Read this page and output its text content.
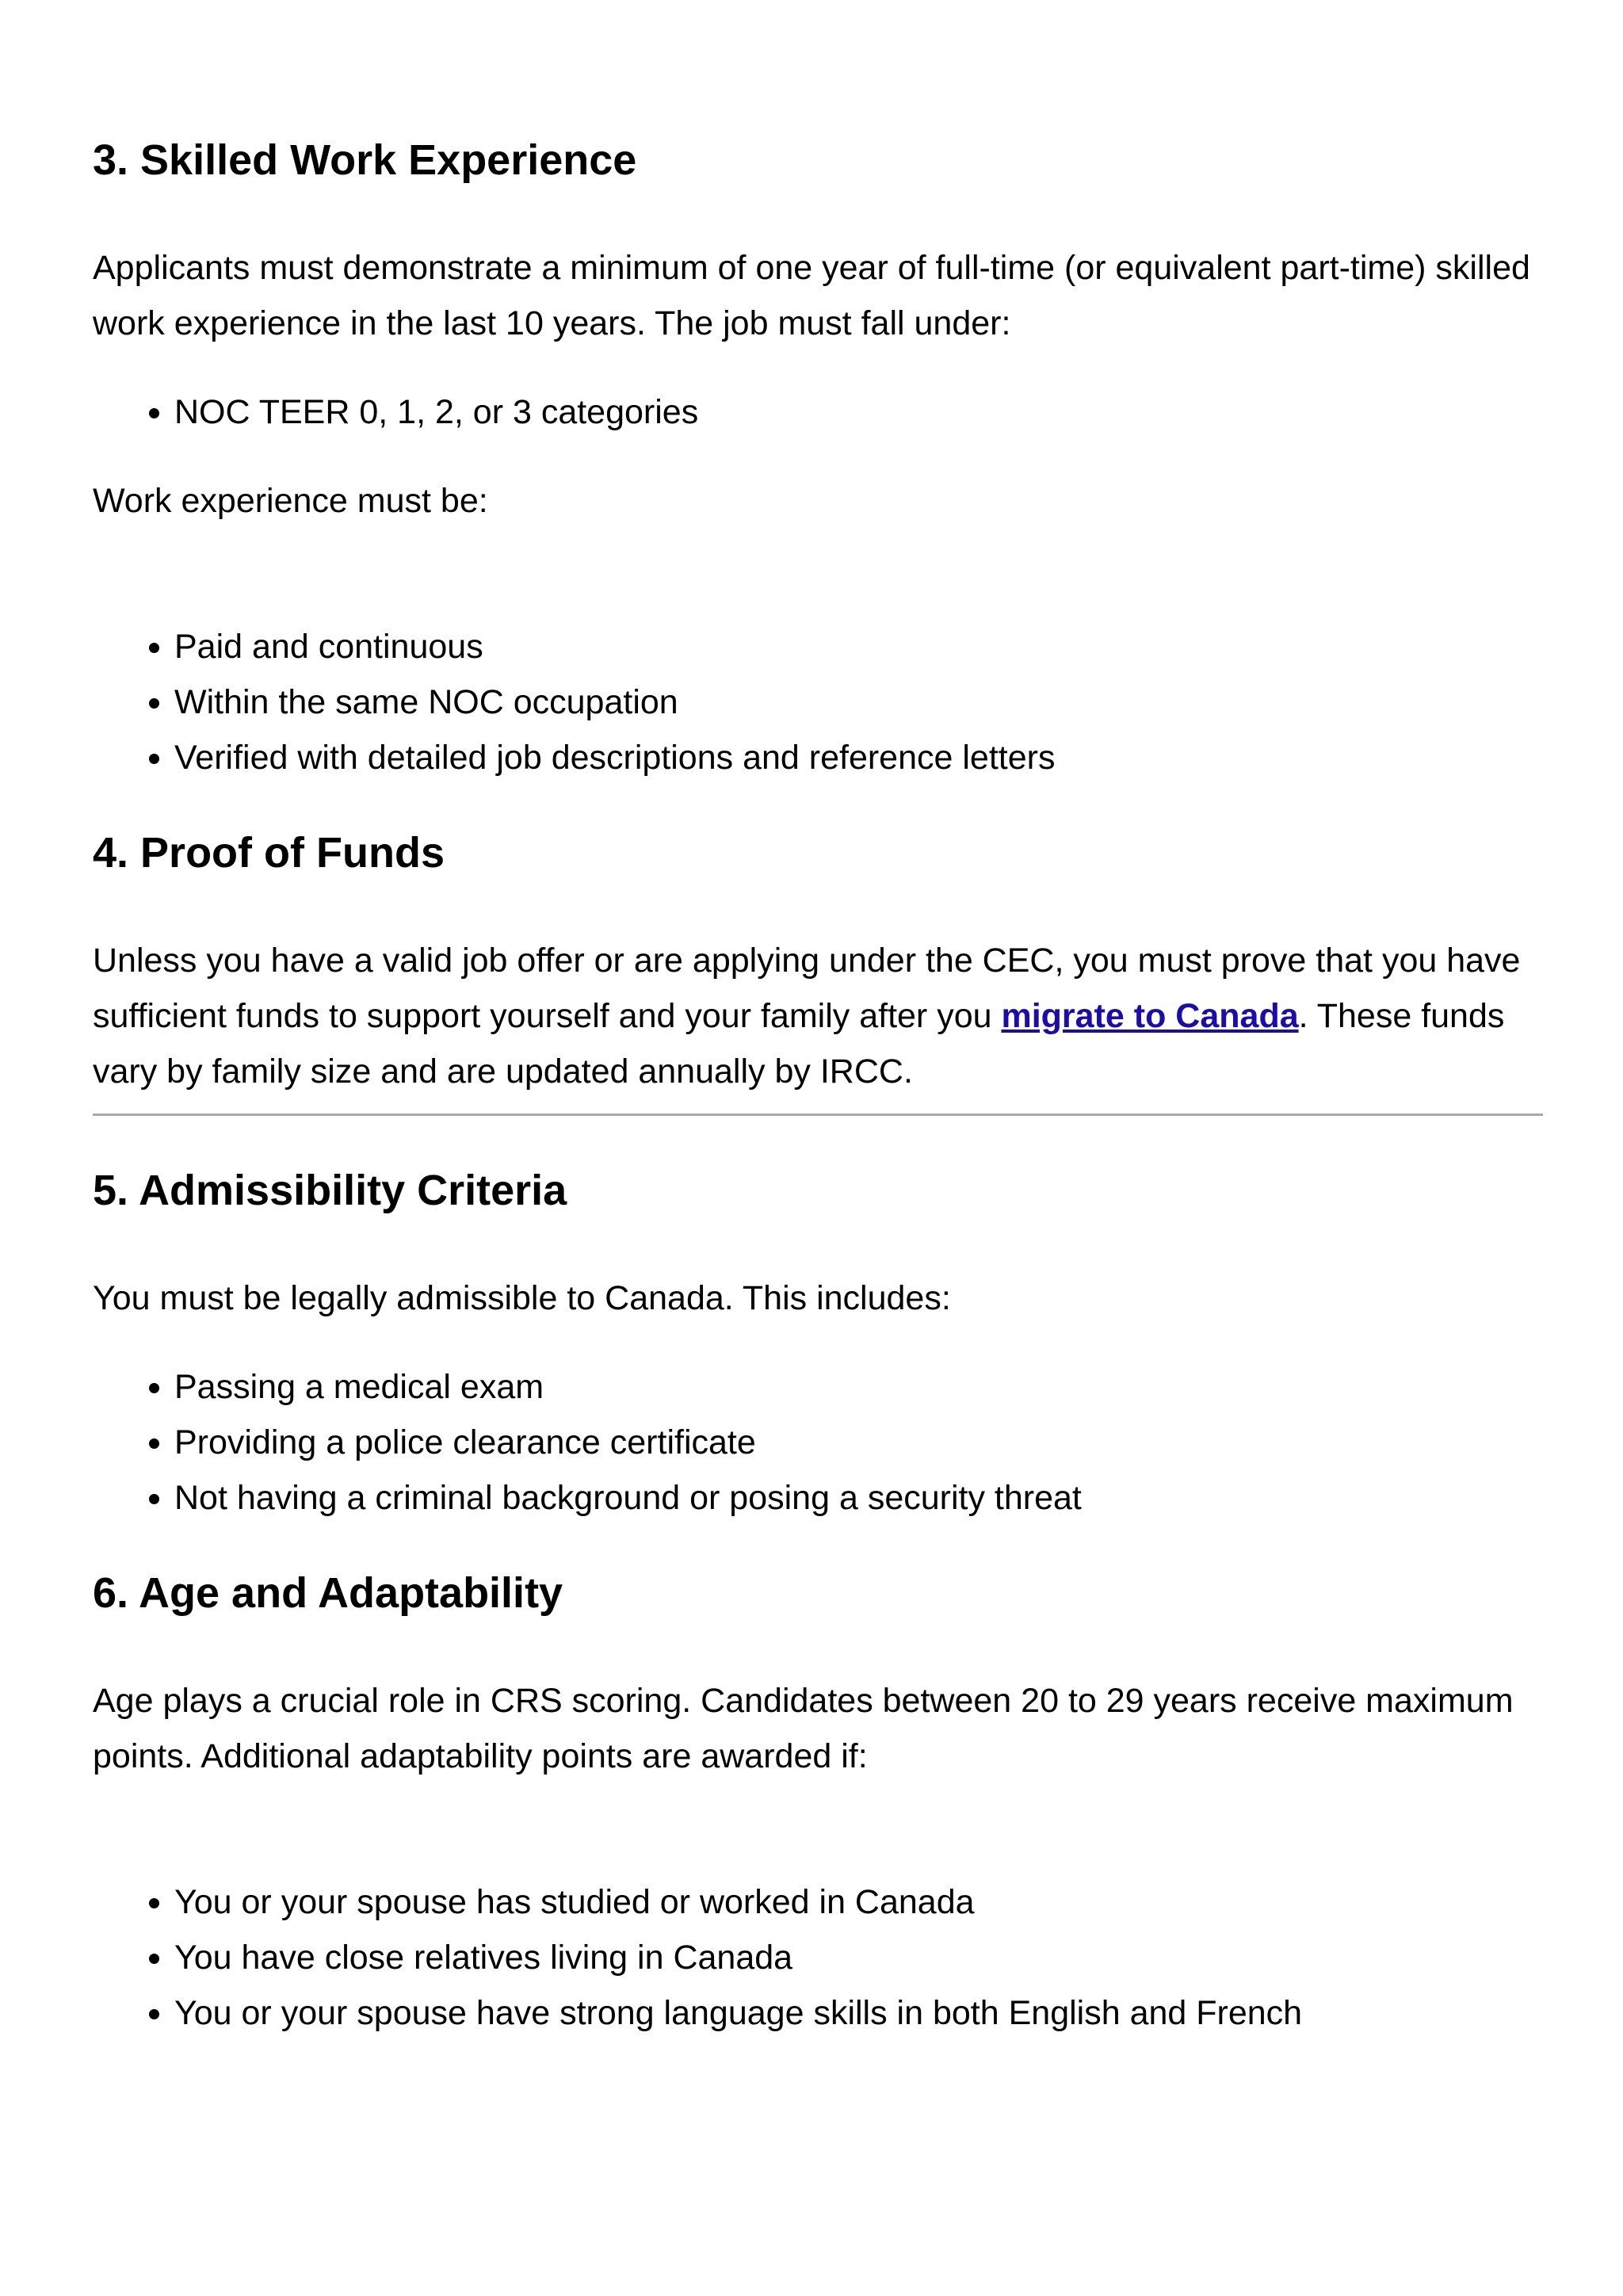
3. Skilled Work Experience

Applicants must demonstrate a minimum of one year of full-time (or equivalent part-time) skilled work experience in the last 10 years. The job must fall under:

• NOC TEER 0, 1, 2, or 3 categories

Work experience must be:

• Paid and continuous
• Within the same NOC occupation
• Verified with detailed job descriptions and reference letters
4. Proof of Funds

Unless you have a valid job offer or are applying under the CEC, you must prove that you have sufficient funds to support yourself and your family after you migrate to Canada. These funds vary by family size and are updated annually by IRCC.

5. Admissibility Criteria

You must be legally admissible to Canada. This includes:

• Passing a medical exam
• Providing a police clearance certificate
• Not having a criminal background or posing a security threat
6. Age and Adaptability

Age plays a crucial role in CRS scoring. Candidates between 20 to 29 years receive maximum points. Additional adaptability points are awarded if:

• You or your spouse has studied or worked in Canada
• You have close relatives living in Canada
• You or your spouse have strong language skills in both English and French
